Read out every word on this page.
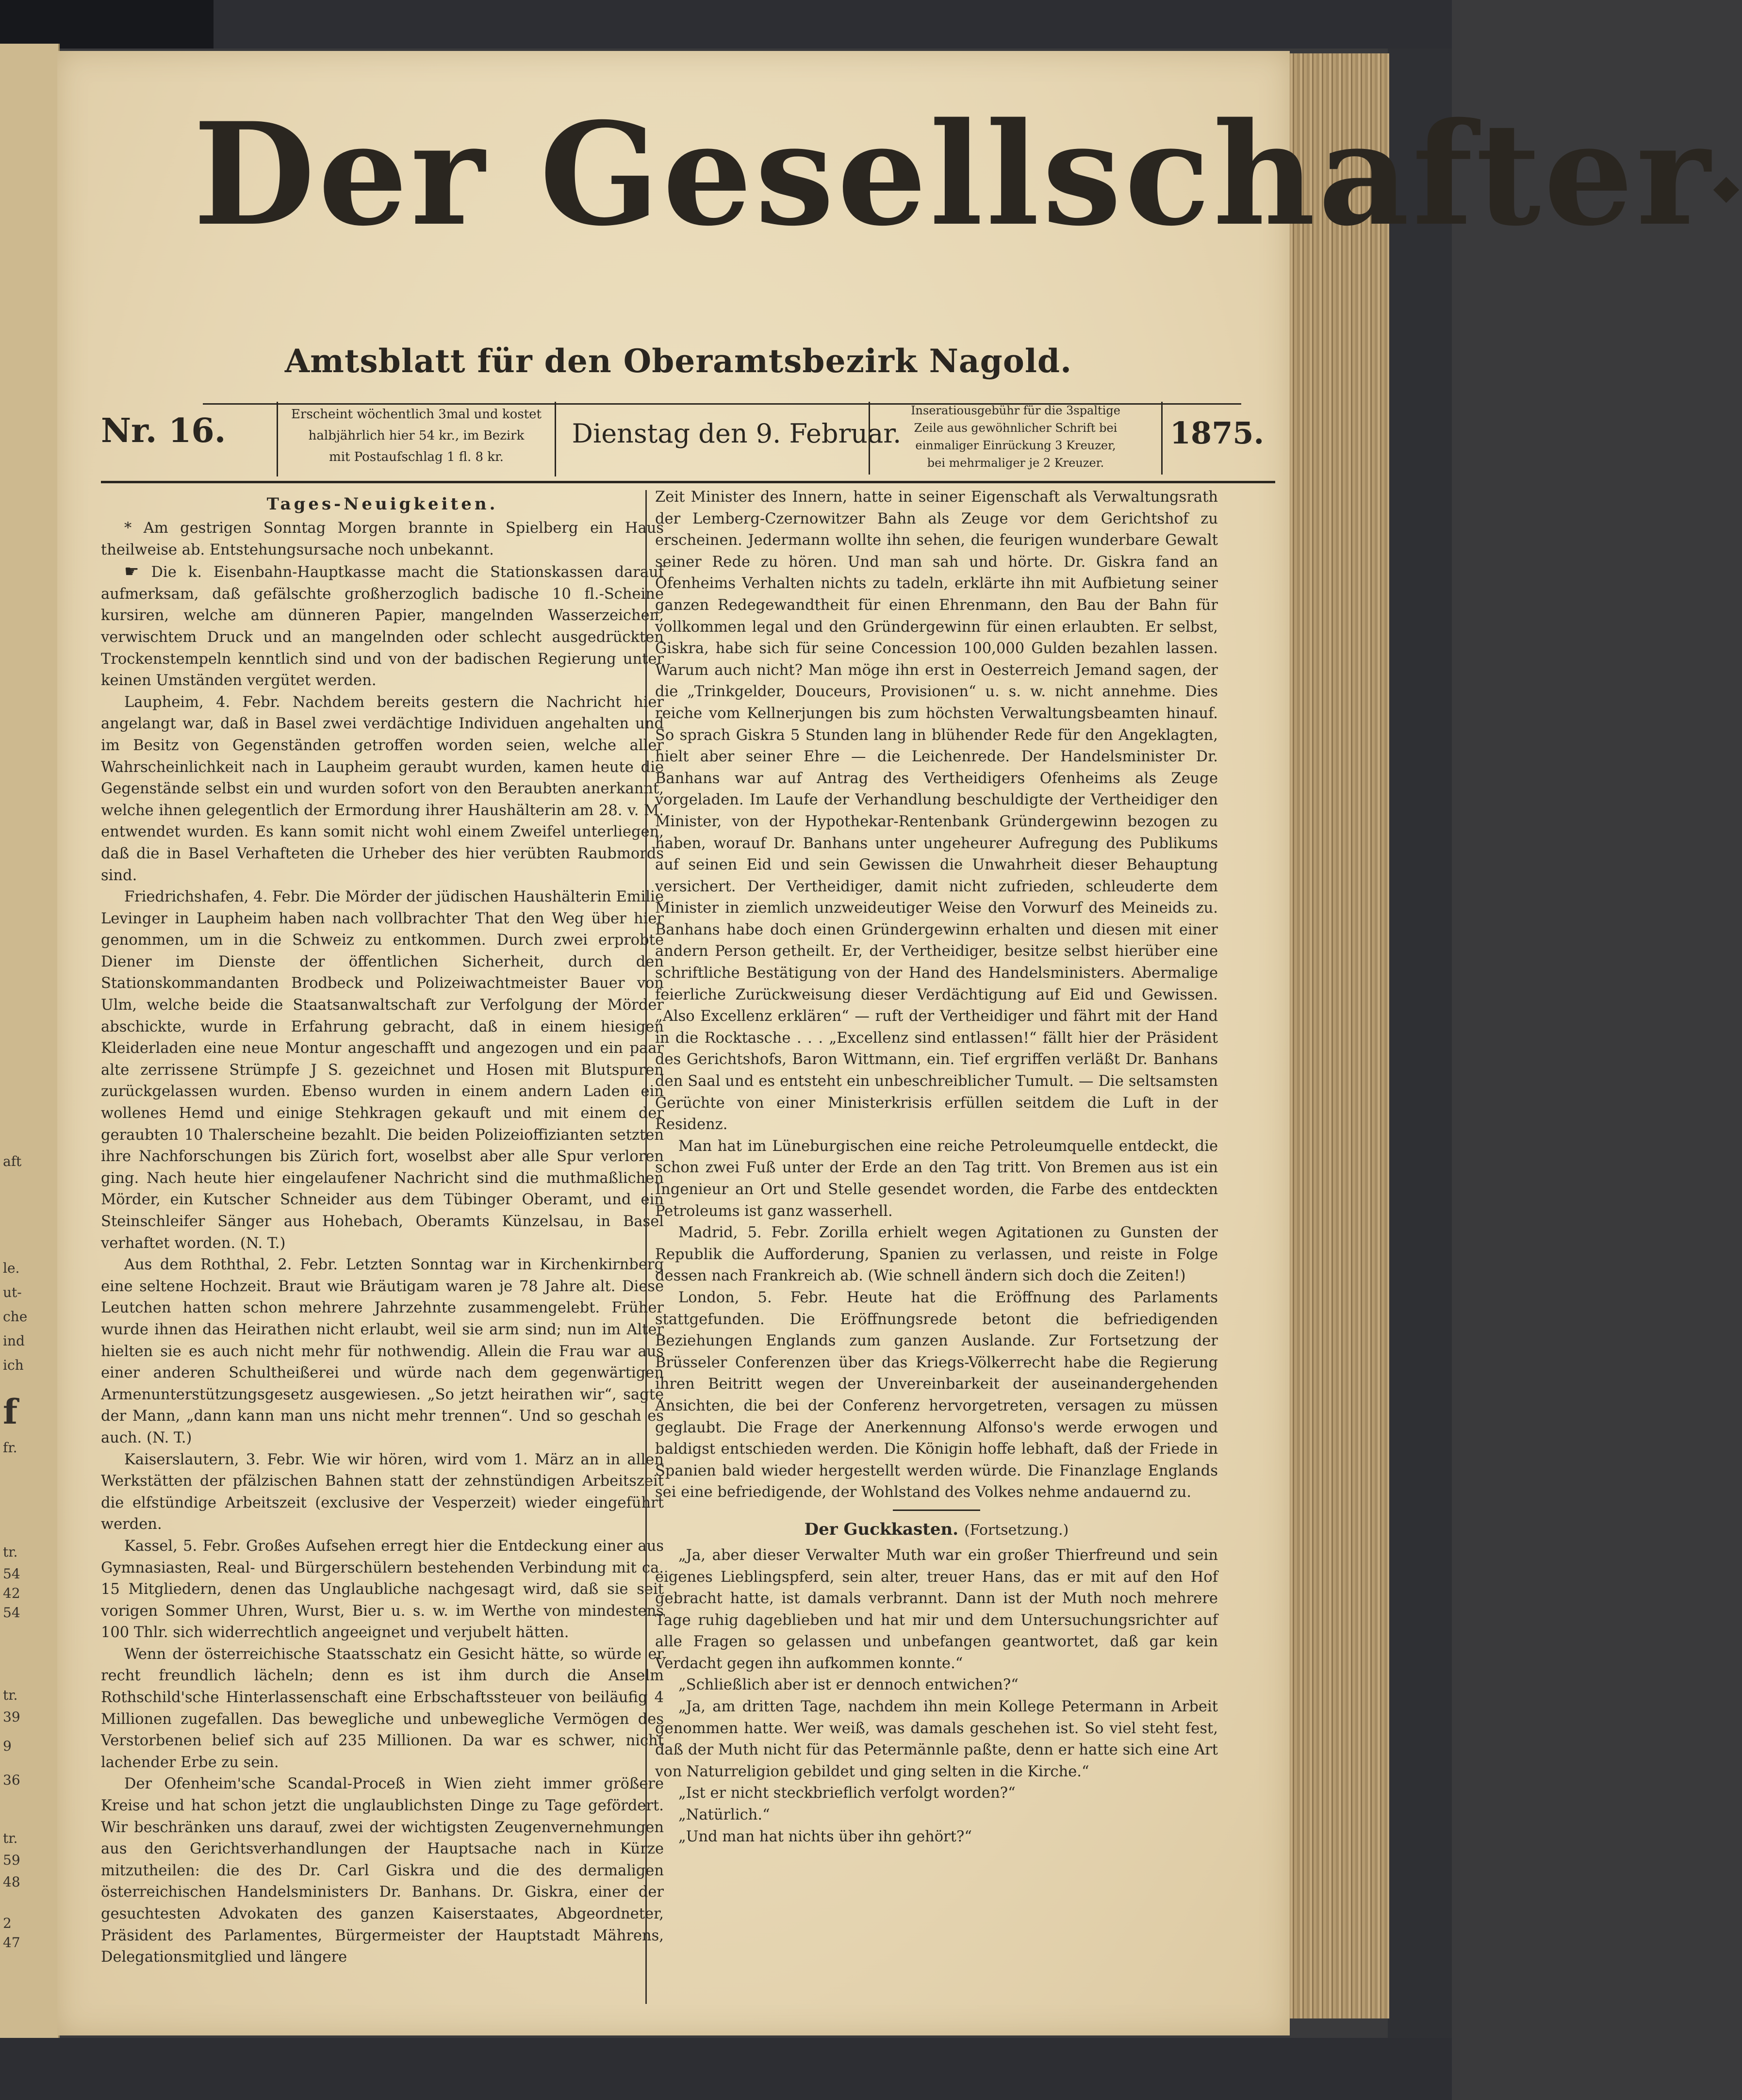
aft
le.
ut-
che
ind
ich
f
fr.
tr.
54
42
54
tr.
39
9
36
tr.
59
48
2
47
Der Gesellschafter◆
Amtsblatt für den Oberamtsbezirk Nagold.
Nr. 16.	Erscheint wöchentlich 3mal und kostet
halbjährlich hier 54 kr., im Bezirk
mit Postaufschlag 1 fl. 8 kr.
Dienstag den 9. Februar.
Inseratiousgebühr für die 3spaltige
Zeile aus gewöhnlicher Schrift bei
einmaliger Einrückung 3 Kreuzer,
bei mehrmaliger je 2 Kreuzer.
1875.
Tages-Neuigkeiten.

* Am gestrigen Sonntag Morgen brannte in Spielberg ein Haus theilweise ab. Entstehungsursache noch unbekannt.

☛ Die k. Eisenbahn-Hauptkasse macht die Stationskassen darauf aufmerksam, daß gefälschte großherzoglich badische 10 fl.-Scheine kursiren, welche am dünneren Papier, mangelnden Wasserzeichen, verwischtem Druck und an mangelnden oder schlecht ausgedrückten Trockenstempeln kenntlich sind und von der badischen Regierung unter keinen Umständen vergütet werden.

Laupheim, 4. Febr. Nachdem bereits gestern die Nachricht hier angelangt war, daß in Basel zwei verdächtige Individuen angehalten und im Besitz von Gegenständen getroffen worden seien, welche aller Wahrscheinlichkeit nach in Laupheim geraubt wurden, kamen heute die Gegenstände selbst ein und wurden sofort von den Beraubten anerkannt, welche ihnen gelegentlich der Ermordung ihrer Haushälterin am 28. v. M. entwendet wurden. Es kann somit nicht wohl einem Zweifel unterliegen, daß die in Basel Verhafteten die Urheber des hier verübten Raubmords sind.

Friedrichshafen, 4. Febr. Die Mörder der jüdischen Haushälterin Emilie Levinger in Laupheim haben nach vollbrachter That den Weg über hier genommen, um in die Schweiz zu entkommen. Durch zwei erprobte Diener im Dienste der öffentlichen Sicherheit, durch den Stationskommandanten Brodbeck und Polizeiwachtmeister Bauer von Ulm, welche beide die Staatsanwaltschaft zur Verfolgung der Mörder abschickte, wurde in Erfahrung gebracht, daß in einem hiesigen Kleiderladen eine neue Montur angeschafft und angezogen und ein paar alte zerrissene Strümpfe J S. gezeichnet und Hosen mit Blutspuren zurückgelassen wurden. Ebenso wurden in einem andern Laden ein wollenes Hemd und einige Stehkragen gekauft und mit einem der geraubten 10 Thalerscheine bezahlt. Die beiden Polizeioffizianten setzten ihre Nachforschungen bis Zürich fort, woselbst aber alle Spur verloren ging. Nach heute hier eingelaufener Nachricht sind die muthmaßlichen Mörder, ein Kutscher Schneider aus dem Tübinger Oberamt, und ein Steinschleifer Sänger aus Hohebach, Oberamts Künzelsau, in Basel verhaftet worden. (N. T.)

Aus dem Roththal, 2. Febr. Letzten Sonntag war in Kirchenkirnberg eine seltene Hochzeit. Braut wie Bräutigam waren je 78 Jahre alt. Diese Leutchen hatten schon mehrere Jahrzehnte zusammengelebt. Früher wurde ihnen das Heirathen nicht erlaubt, weil sie arm sind; nun im Alter hielten sie es auch nicht mehr für nothwendig. Allein die Frau war aus einer anderen Schultheißerei und würde nach dem gegenwärtigen Armenunterstützungsgesetz ausgewiesen. „So jetzt heirathen wir“, sagte der Mann, „dann kann man uns nicht mehr trennen“. Und so geschah es auch. (N. T.)

Kaiserslautern, 3. Febr. Wie wir hören, wird vom 1. März an in allen Werkstätten der pfälzischen Bahnen statt der zehnstündigen Arbeitszeit die elfstündige Arbeitszeit (exclusive der Vesperzeit) wieder eingeführt werden.

Kassel, 5. Febr. Großes Aufsehen erregt hier die Entdeckung einer aus Gymnasiasten, Real- und Bürgerschülern bestehenden Verbindung mit ca. 15 Mitgliedern, denen das Unglaubliche nachgesagt wird, daß sie seit vorigen Sommer Uhren, Wurst, Bier u. s. w. im Werthe von mindestens 100 Thlr. sich widerrechtlich angeeignet und verjubelt hätten.

Wenn der österreichische Staatsschatz ein Gesicht hätte, so würde er recht freundlich lächeln; denn es ist ihm durch die Anselm Rothschild'sche Hinterlassenschaft eine Erbschaftssteuer von beiläufig 4 Millionen zugefallen. Das bewegliche und unbewegliche Vermögen des Verstorbenen belief sich auf 235 Millionen. Da war es schwer, nicht lachender Erbe zu sein.

Der Ofenheim'sche Scandal-Proceß in Wien zieht immer größere Kreise und hat schon jetzt die unglaublichsten Dinge zu Tage gefördert. Wir beschränken uns darauf, zwei der wichtigsten Zeugenvernehmungen aus den Gerichtsverhandlungen der Hauptsache nach in Kürze mitzutheilen: die des Dr. Carl Giskra und die des dermaligen österreichischen Handelsministers Dr. Banhans. Dr. Giskra, einer der gesuchtesten Advokaten des ganzen Kaiserstaates, Abgeordneter, Präsident des Parlamentes, Bürgermeister der Hauptstadt Mährens, Delegationsmitglied und längere

Zeit Minister des Innern, hatte in seiner Eigenschaft als Verwaltungsrath der Lemberg-Czernowitzer Bahn als Zeuge vor dem Gerichtshof zu erscheinen. Jedermann wollte ihn sehen, die feurigen wunderbare Gewalt seiner Rede zu hören. Und man sah und hörte. Dr. Giskra fand an Ofenheims Verhalten nichts zu tadeln, erklärte ihn mit Aufbietung seiner ganzen Redegewandtheit für einen Ehrenmann, den Bau der Bahn für vollkommen legal und den Gründergewinn für einen erlaubten. Er selbst, Giskra, habe sich für seine Concession 100,000 Gulden bezahlen lassen. Warum auch nicht? Man möge ihn erst in Oesterreich Jemand sagen, der die „Trinkgelder, Douceurs, Provisionen“ u. s. w. nicht annehme. Dies reiche vom Kellnerjungen bis zum höchsten Verwaltungsbeamten hinauf. So sprach Giskra 5 Stunden lang in blühender Rede für den Angeklagten, hielt aber seiner Ehre — die Leichenrede. Der Handelsminister Dr. Banhans war auf Antrag des Vertheidigers Ofenheims als Zeuge vorgeladen. Im Laufe der Verhandlung beschuldigte der Vertheidiger den Minister, von der Hypothekar-Rentenbank Gründergewinn bezogen zu haben, worauf Dr. Banhans unter ungeheurer Aufregung des Publikums auf seinen Eid und sein Gewissen die Unwahrheit dieser Behauptung versichert. Der Vertheidiger, damit nicht zufrieden, schleuderte dem Minister in ziemlich unzweideutiger Weise den Vorwurf des Meineids zu. Banhans habe doch einen Gründergewinn erhalten und diesen mit einer andern Person getheilt. Er, der Vertheidiger, besitze selbst hierüber eine schriftliche Bestätigung von der Hand des Handelsministers. Abermalige feierliche Zurückweisung dieser Verdächtigung auf Eid und Gewissen. „Also Excellenz erklären“ — ruft der Vertheidiger und fährt mit der Hand in die Rocktasche . . . „Excellenz sind entlassen!“ fällt hier der Präsident des Gerichtshofs, Baron Wittmann, ein. Tief ergriffen verläßt Dr. Banhans den Saal und es entsteht ein unbeschreiblicher Tumult. — Die seltsamsten Gerüchte von einer Ministerkrisis erfüllen seitdem die Luft in der Residenz.

Man hat im Lüneburgischen eine reiche Petroleumquelle entdeckt, die schon zwei Fuß unter der Erde an den Tag tritt. Von Bremen aus ist ein Ingenieur an Ort und Stelle gesendet worden, die Farbe des entdeckten Petroleums ist ganz wasserhell.

Madrid, 5. Febr. Zorilla erhielt wegen Agitationen zu Gunsten der Republik die Aufforderung, Spanien zu verlassen, und reiste in Folge dessen nach Frankreich ab. (Wie schnell ändern sich doch die Zeiten!)

London, 5. Febr. Heute hat die Eröffnung des Parlaments stattgefunden. Die Eröffnungsrede betont die befriedigenden Beziehungen Englands zum ganzen Auslande. Zur Fortsetzung der Brüsseler Conferenzen über das Kriegs-Völkerrecht habe die Regierung ihren Beitritt wegen der Unvereinbarkeit der auseinandergehenden Ansichten, die bei der Conferenz hervorgetreten, versagen zu müssen geglaubt. Die Frage der Anerkennung Alfonso's werde erwogen und baldigst entschieden werden. Die Königin hoffe lebhaft, daß der Friede in Spanien bald wieder hergestellt werden würde. Die Finanzlage Englands sei eine befriedigende, der Wohlstand des Volkes nehme andauernd zu.

Der Guckkasten. (Fortsetzung.)

„Ja, aber dieser Verwalter Muth war ein großer Thierfreund und sein eigenes Lieblingspferd, sein alter, treuer Hans, das er mit auf den Hof gebracht hatte, ist damals verbrannt. Dann ist der Muth noch mehrere Tage ruhig dageblieben und hat mir und dem Untersuchungsrichter auf alle Fragen so gelassen und unbefangen geantwortet, daß gar kein Verdacht gegen ihn aufkommen konnte.“

„Schließlich aber ist er dennoch entwichen?“

„Ja, am dritten Tage, nachdem ihn mein Kollege Petermann in Arbeit genommen hatte. Wer weiß, was damals geschehen ist. So viel steht fest, daß der Muth nicht für das Petermännle paßte, denn er hatte sich eine Art von Naturreligion gebildet und ging selten in die Kirche.“

„Ist er nicht steckbrieflich verfolgt worden?“

„Natürlich.“

„Und man hat nichts über ihn gehört?“
